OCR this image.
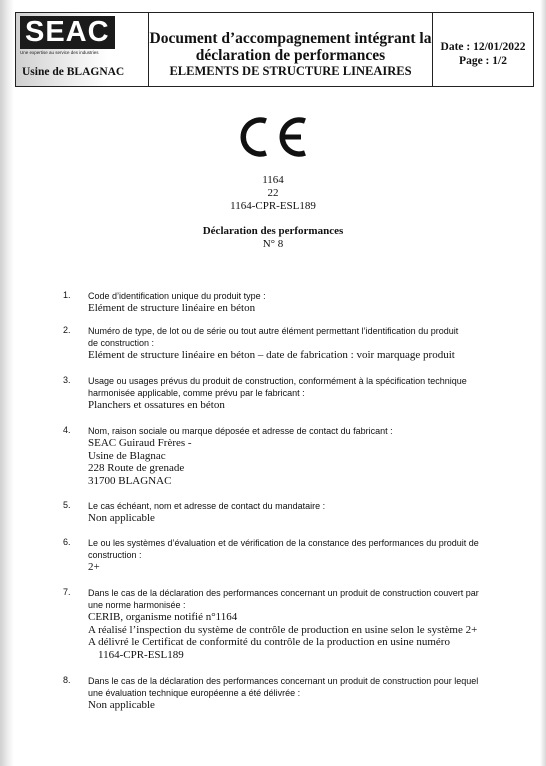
SEAC
Une expertise au service des industries
Usine de BLAGNAC
Document d’accompagnement intégrant la
déclaration de performances
ELEMENTS DE STRUCTURE LINEAIRES
Date : 12/01/2022
Page : 1/2
1164
22
1164-CPR-ESL189
Déclaration des performances
N° 8
1. Code d’identification unique du produit type :
Elément de structure linéaire en béton
2. Numéro de type, de lot ou de série ou tout autre élément permettant l’identification du produit
de construction :
Elément de structure linéaire en béton – date de fabrication : voir marquage produit
3. Usage ou usages prévus du produit de construction, conformément à la spécification technique
harmonisée applicable, comme prévu par le fabricant :
Planchers et ossatures en béton
4. Nom, raison sociale ou marque déposée et adresse de contact du fabricant :
SEAC Guiraud Frères -
Usine de Blagnac
228 Route de grenade
31700 BLAGNAC
5. Le cas échéant, nom et adresse de contact du mandataire :
Non applicable
6. Le ou les systèmes d’évaluation et de vérification de la constance des performances du produit de
construction :
2+
7. Dans le cas de la déclaration des performances concernant un produit de construction couvert par
une norme harmonisée :
CERIB, organisme notifié n°1164
A réalisé l’inspection du système de contrôle de production en usine selon le système 2+
A délivré le Certificat de conformité du contrôle de la production en usine numéro
1164-CPR-ESL189
8. Dans le cas de la déclaration des performances concernant un produit de construction pour lequel
une évaluation technique européenne a été délivrée :
Non applicable
